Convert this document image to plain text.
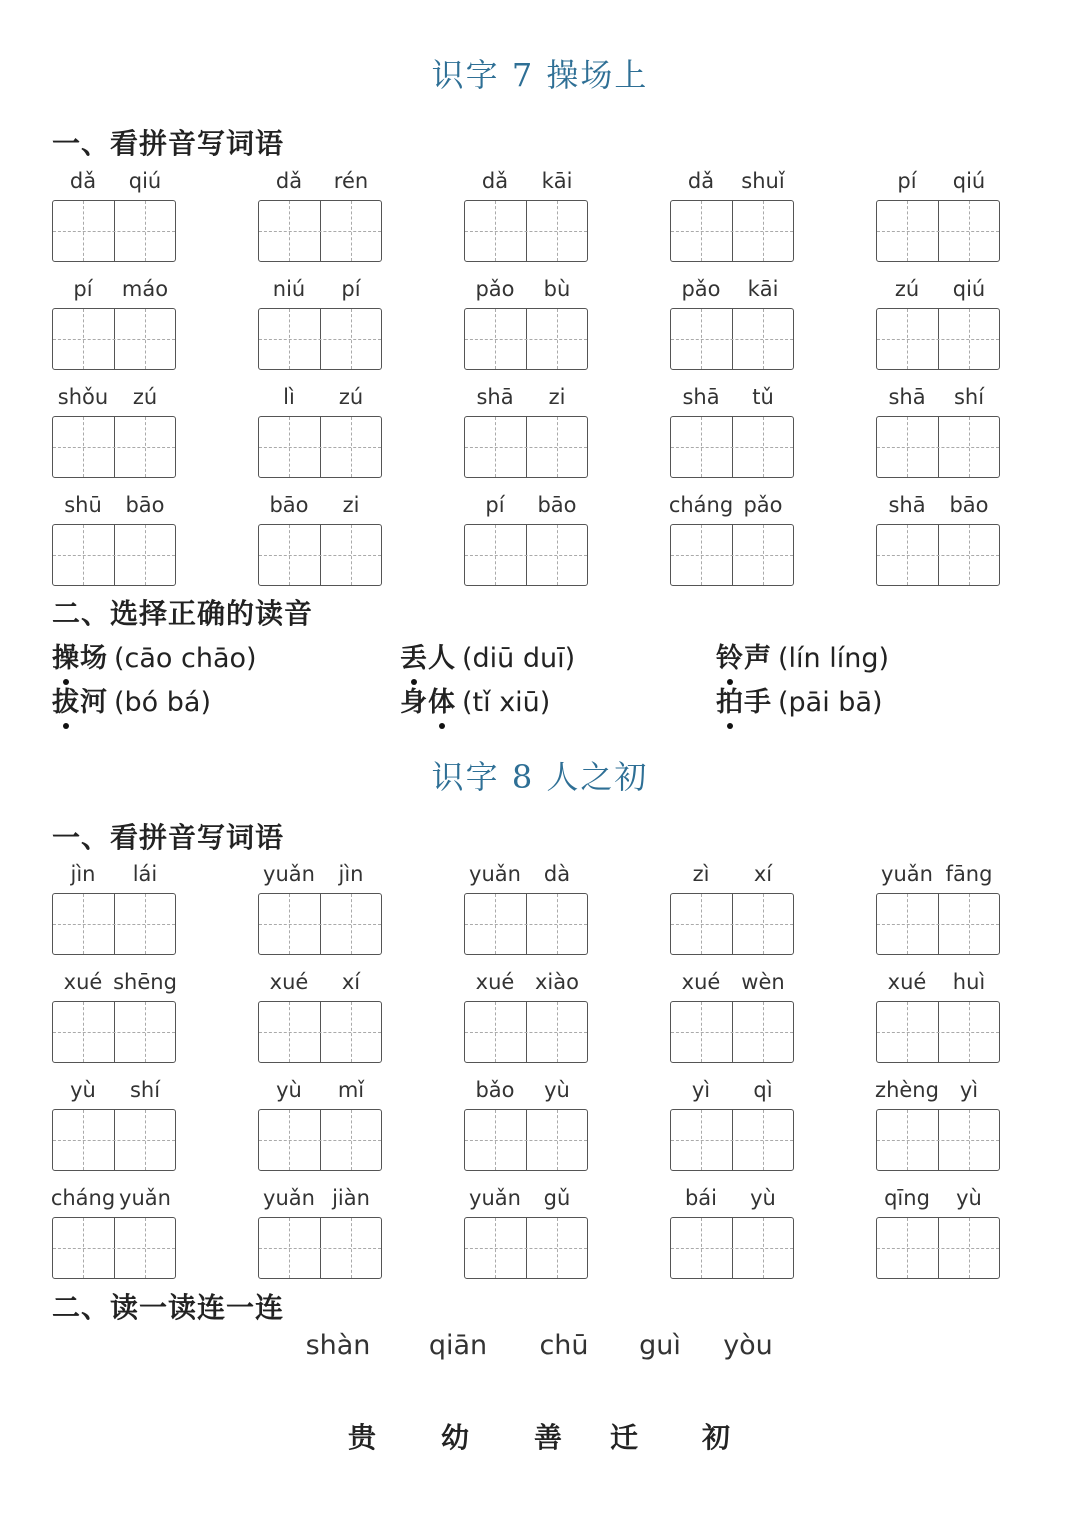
识字 7 操场上
一、看拼音写词语
dǎ qiú	dǎ rén	dǎ kāi	dǎ shuǐ	pí qiú
pí máo	niú pí	pǎo bù	pǎo kāi	zú qiú
shǒu zú	lì zú	shā zi	shā tǔ	shā shí
shū bāo	bāo zi	pí bāo	cháng pǎo	shā bāo
二、选择正确的读音
操场 (cāo chāo)	丢人 (diū duī)	铃声 (lín líng)
拔河 (bó bá)	身体 (tǐ xiū)	拍手 (pāi bā)
识字 8 人之初
一、看拼音写词语
jìn lái	yuǎn jìn	yuǎn dà	zì xí	yuǎn fāng
xué shēng	xué xí	xué xiào	xué wèn	xué huì
yù shí	yù mǐ	bǎo yù	yì qì	zhèng yì
cháng yuǎn	yuǎn jiàn	yuǎn gǔ	bái yù	qīng yù
二、读一读连一连
shàn qiān chū guì yòu
贵 幼 善 迁 初
